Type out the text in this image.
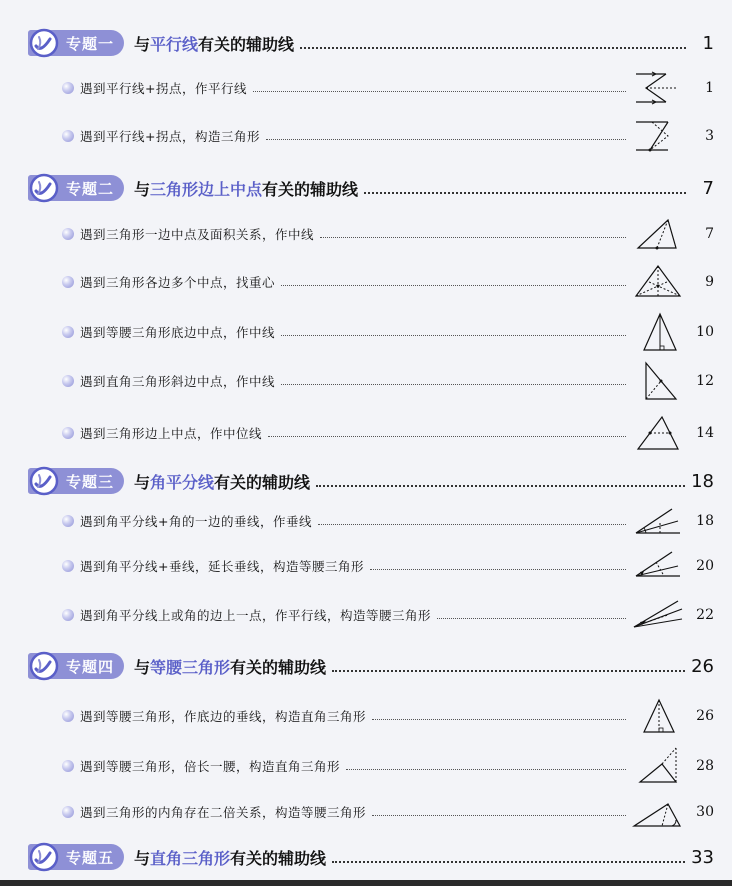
专题一 与平行线有关的辅助线	1
遇到平行线+拐点，作平行线	1
遇到平行线+拐点，构造三角形	3
专题二 与三角形边上中点有关的辅助线	7
遇到三角形一边中点及面积关系，作中线	7
遇到三角形各边多个中点，找重心	9
遇到等腰三角形底边中点，作中线	10
遇到直角三角形斜边中点，作中线	12
遇到三角形边上中点，作中位线	14
专题三 与角平分线有关的辅助线	18
遇到角平分线+角的一边的垂线，作垂线	18
遇到角平分线+垂线，延长垂线，构造等腰三角形	20
遇到角平分线上或角的边上一点，作平行线，构造等腰三角形	22
专题四 与等腰三角形有关的辅助线	26
遇到等腰三角形，作底边的垂线，构造直角三角形	26
遇到等腰三角形，倍长一腰，构造直角三角形	28
遇到三角形的内角存在二倍关系，构造等腰三角形	30
专题五 与直角三角形有关的辅助线	33
